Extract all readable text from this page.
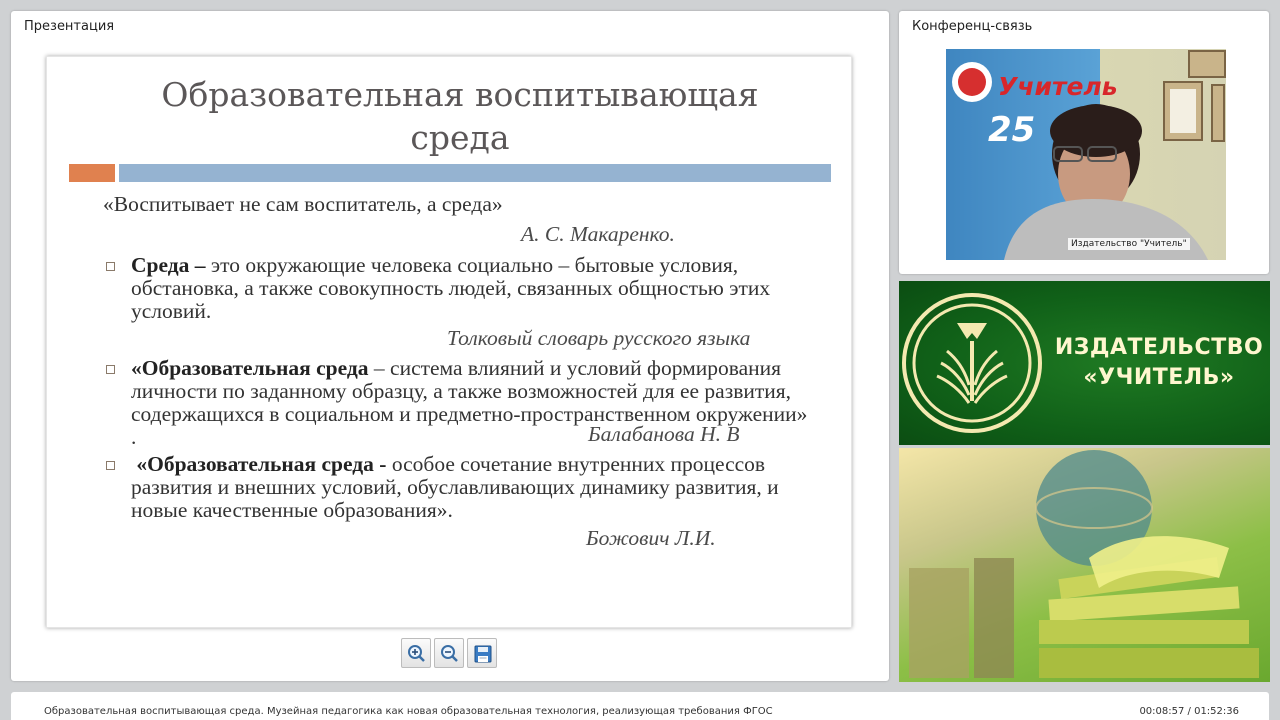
Презентация
Образовательная воспитывающая
среда
«Воспитывает не сам воспитатель, а среда»
А. С. Макаренко.
Среда – это окружающие человека социально – бытовые условия, обстановка, а также совокупность людей, связанных общностью этих условий.
Толковый словарь русского языка
«Образовательная среда – система влияний и условий формирования личности по заданному образцу, а также возможностей для ее развития, содержащихся в социальном и предметно-пространственном окружении» .	Балабанова Н. В
«Образовательная среда - особое сочетание внутренних процессов развития и внешних условий, обуславливающих динамику развития, и новые качественные образования».
Божович Л.И.
Конференц-связь
Учитель
25
Издательство "Учитель"
ИЗДАТЕЛЬСТВО
«УЧИТЕЛЬ»
Образовательная воспитывающая среда. Музейная педагогика как новая образовательная технология, реализующая требования ФГОС	00:08:57 / 01:52:36
